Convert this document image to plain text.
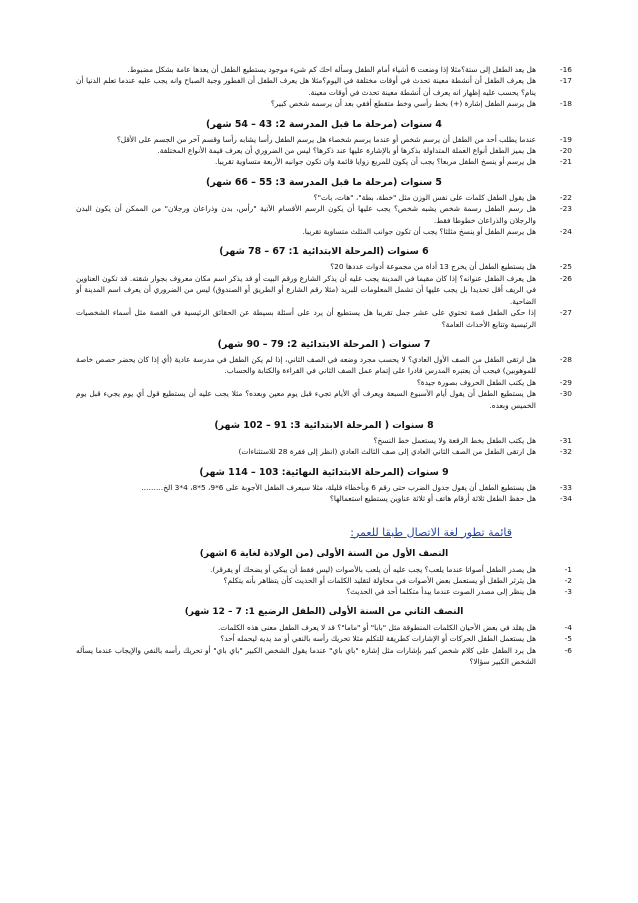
-16
هل يعد الطفل إلى ستة؟مثلا إذا وضعت 6 أشياء أمام الطفل وسأله احك كم شيء موجود يستطيع الطفل أن يعدها عامة بشكل مضبوط.
-17
هل يعرف الطفل أن أنشطة معينة تحدث في أوقات مختلفة في اليوم؟مثلا هل يعرف الطفل أن الفطور وجبة الصباح وانه يجب عليه عندما تعلم الدنيا أن ينام؟ يحسب عليه إظهار انه يعرف أن أنشطة معينة تحدث في أوقات معينة.
-18
هل يرسم الطفل إشارة (+) بخط رأسي وخط متقطع أفقي بعد أن يرسمه شخص كبير؟
4 سنوات (مرحلة ما قبل المدرسة 2: 43 – 54 شهر)
-19
عندما يطلب أحد من الطفل أن يرسم شخص أو عندما يرسم شخصاء هل يرسم الطفل رأسا يشابه رأسا وقسم آخر من الجسم على الأقل؟
-20
هل يميز الطفل أنواع العملة المتداولة بذكرها أو بالإشارة عليها عند ذكرها؟ ليس من الضروري أن يعرف قيمة الأنواع المختلفة.
-21
هل يرسم أو ينسخ الطفل مربعا؟ يجب أن يكون للمربع زوايا قائمة وان تكون جوانبه الأربعة متساوية تقريبا.
5 سنوات (مرحلة ما قبل المدرسة 3: 55 – 66 شهر)
-22
هل يقول الطفل كلمات على نفس الوزن مثل "خطة، بطة"، "هات، بات"؟
-23
هل رسم الطفل رسمة شخص يشبه شخص؟ يجب عليها أن يكون الرسم الأقسام الآتية "رأس، بدن وذراعان ورجلان" من الممكن أن يكون البدن والرجلان والذراعان خطوطا فقط.
-24
هل يرسم الطفل أو ينسخ مثلثا؟ يجب أن تكون جوانب المثلث متساوية تقريبا.
6 سنوات (المرحلة الابتدائية 1: 67 – 78 شهر)
-25
هل يستطيع الطفل أن يخرج 13 أداة من مجموعة أدوات عددها 20؟
-26
هل يعرف الطفل عنوانه؟ إذا كان مقيما في المدينة يجب عليه أن يذكر الشارع ورقم البيت أو قد يذكر اسم مكان معروف بجوار شقته. قد تكون العناوين في الريف أقل تحديدا بل يجب عليها أن تشمل المعلومات للبريد (مثلا رقم الشارع أو الطريق أو الصندوق) ليس من الضروري أن يعرف اسم المدينة أو الضاحية.
-27
إذا حكى الطفل قصة تحتوي على عشر جمل تقريبا هل يستطيع أن يرد على أسئلة بسيطة عن الحقائق الرئيسية في القصة مثل أسماء الشخصيات الرئيسية وتتابع الأحداث العامة؟
7 سنوات ( المرحلة الابتدائية 2: 79 – 90 شهر)
-28
هل ارتقى الطفل من الصف الأول العادي؟ لا يحسب مجرد وضعه في الصف الثاني، إذا لم يكن الطفل في مدرسة عادية (أي إذا كان يحضر حصص خاصة للموهوبين) فيجب أن يعتبره المدرس قادرا على إتمام عمل الصف الثاني في القراءة والكتابة والحساب.
-29
هل يكتب الطفل الحروف بصورة جيدة؟
-30
هل يستطيع الطفل أن يقول أيام الأسبوع السبعة ويعرف أي الأيام تجيء قبل يوم معين وبعده؟ مثلا يجب عليه أن يستطيع قول أي يوم يجيء قبل يوم الخميس وبعده.
8 سنوات ( المرحلة الابتدائية 3: 91 – 102 شهر)
-31
هل يكتب الطفل بخط الرقعة ولا يستعمل خط النسخ؟
-32
هل ارتقى الطفل من الصف الثاني العادي إلى صف الثالث العادي (انظر إلى فقرة 28 للاستثناءات)
9 سنوات (المرحلة الابتدائية النهائية: 103 – 114 شهر)
-33
هل يستطيع الطفل أن يقول جدول الضرب حتى رقم 6 وبأخطاء قليلة، مثلا سيعرف الطفل الأجوبة على 6*9، 5*8، 4*3 الخ………
-34
هل حفظ الطفل ثلاثة أرقام هاتف أو ثلاثة عناوين يستطيع استعمالها؟
قائمة تطور لغة الاتصال طبقا للعمر:
النصف الأول من السنة الأولى (من الولادة لغاية 6 اشهر)
-1
هل يصدر الطفل أصواتا عندما يلعب؟ يجب عليه أن يلعب بالأصوات (ليس فقط أن يبكي أو يضحك أو يقرقر).
-2
هل يثرثر الطفل أو يستعمل بعض الأصوات في محاولة لتقليد الكلمات أو الحديث كأن يتظاهر بأنه يتكلم؟
-3
هل ينظر إلى مصدر الصوت عندما يبدأ متكلما أحد في الحديث؟
النصف الثاني من السنة الأولى (الطفل الرضيع 1: 7 – 12 شهر)
-4
هل يقلد في بعض الأحيان الكلمات المنطوقة مثل "بابا" أو "ماما"؟ قد لا يعرف الطفل معنى هذه الكلمات.
-5
هل يستعمل الطفل الحركات أو الإشارات كطريقة للتكلم مثلا تحريك رأسه بالنفي أو مد يديه ليحمله أحد؟
-6
هل يرد الطفل على كلام شخص كبير بإشارات مثل إشارة "باي باي" عندما يقول الشخص الكبير "باي باي" أو تحريك رأسه بالنفي والإيجاب عندما يسأله الشخص الكبير سؤالا؟
